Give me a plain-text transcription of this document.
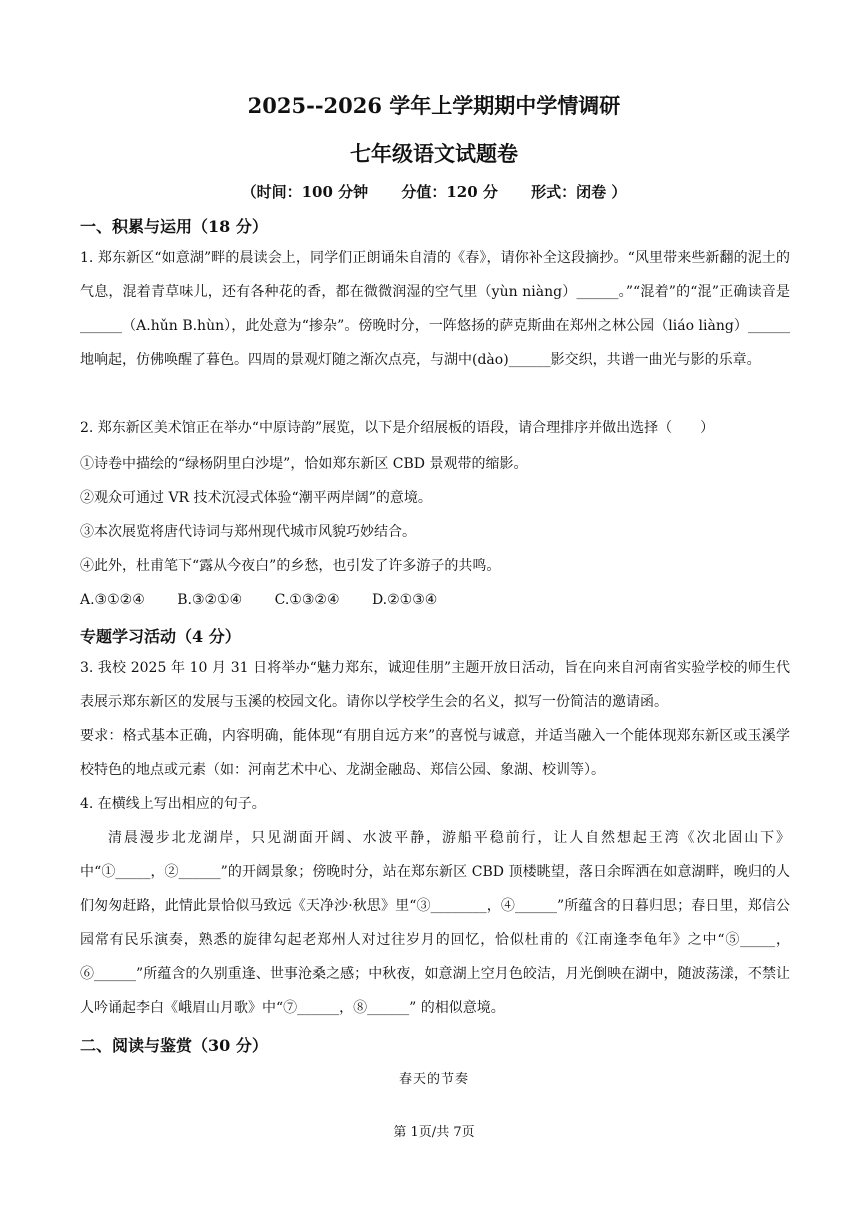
2025--2026 学年上学期期中学情调研
七年级语文试题卷
（时间：100 分钟 分值：120 分 形式：闭卷 ）
一、积累与运用（18 分）
1. 郑东新区“如意湖”畔的晨读会上，同学们正朗诵朱自清的《春》，请你补全这段摘抄。“风里带来些新翻的泥土的气息，混着青草味儿，还有各种花的香，都在微微润湿的空气里（yùn niàng）______。”“混着”的“混”正确读音是______（A.hǔn B.hùn），此处意为“掺杂”。傍晚时分，一阵悠扬的萨克斯曲在郑州之林公园（liáo liàng）______地响起，仿佛唤醒了暮色。四周的景观灯随之渐次点亮，与湖中(dào)______影交织，共谱一曲光与影的乐章。
2. 郑东新区美术馆正在举办“中原诗韵”展览，以下是介绍展板的语段，请合理排序并做出选择（　　）
①诗卷中描绘的“绿杨阴里白沙堤”，恰如郑东新区 CBD 景观带的缩影。
②观众可通过 VR 技术沉浸式体验“潮平两岸阔”的意境。
③本次展览将唐代诗词与郑州现代城市风貌巧妙结合。
④此外，杜甫笔下“露从今夜白”的乡愁，也引发了许多游子的共鸣。
A.③①②④ B.③②①④ C.①③②④ D.②①③④
专题学习活动（4 分）
3. 我校 2025 年 10 月 31 日将举办“魅力郑东，诚迎佳朋”主题开放日活动，旨在向来自河南省实验学校的师生代表展示郑东新区的发展与玉溪的校园文化。请你以学校学生会的名义，拟写一份简洁的邀请函。
要求：格式基本正确，内容明确，能体现“有朋自远方来”的喜悦与诚意，并适当融入一个能体现郑东新区或玉溪学校特色的地点或元素（如：河南艺术中心、龙湖金融岛、郑信公园、象湖、校训等）。
4. 在横线上写出相应的句子。
清晨漫步北龙湖岸，只见湖面开阔、水波平静，游船平稳前行，让人自然想起王湾《次北固山下》中“①_____，②______”的开阔景象；傍晚时分，站在郑东新区 CBD 顶楼眺望，落日余晖洒在如意湖畔，晚归的人们匆匆赶路，此情此景恰似马致远《天净沙·秋思》里“③________，④______”所蕴含的日暮归思；春日里，郑信公园常有民乐演奏，熟悉的旋律勾起老郑州人对过往岁月的回忆，恰似杜甫的《江南逢李龟年》之中“⑤_____，⑥______”所蕴含的久别重逢、世事沧桑之感；中秋夜，如意湖上空月色皎洁，月光倒映在湖中，随波荡漾，不禁让人吟诵起李白《峨眉山月歌》中“⑦______，⑧______” 的相似意境。
二、阅读与鉴赏（30 分）
春天的节奏
第 1页/共 7页
